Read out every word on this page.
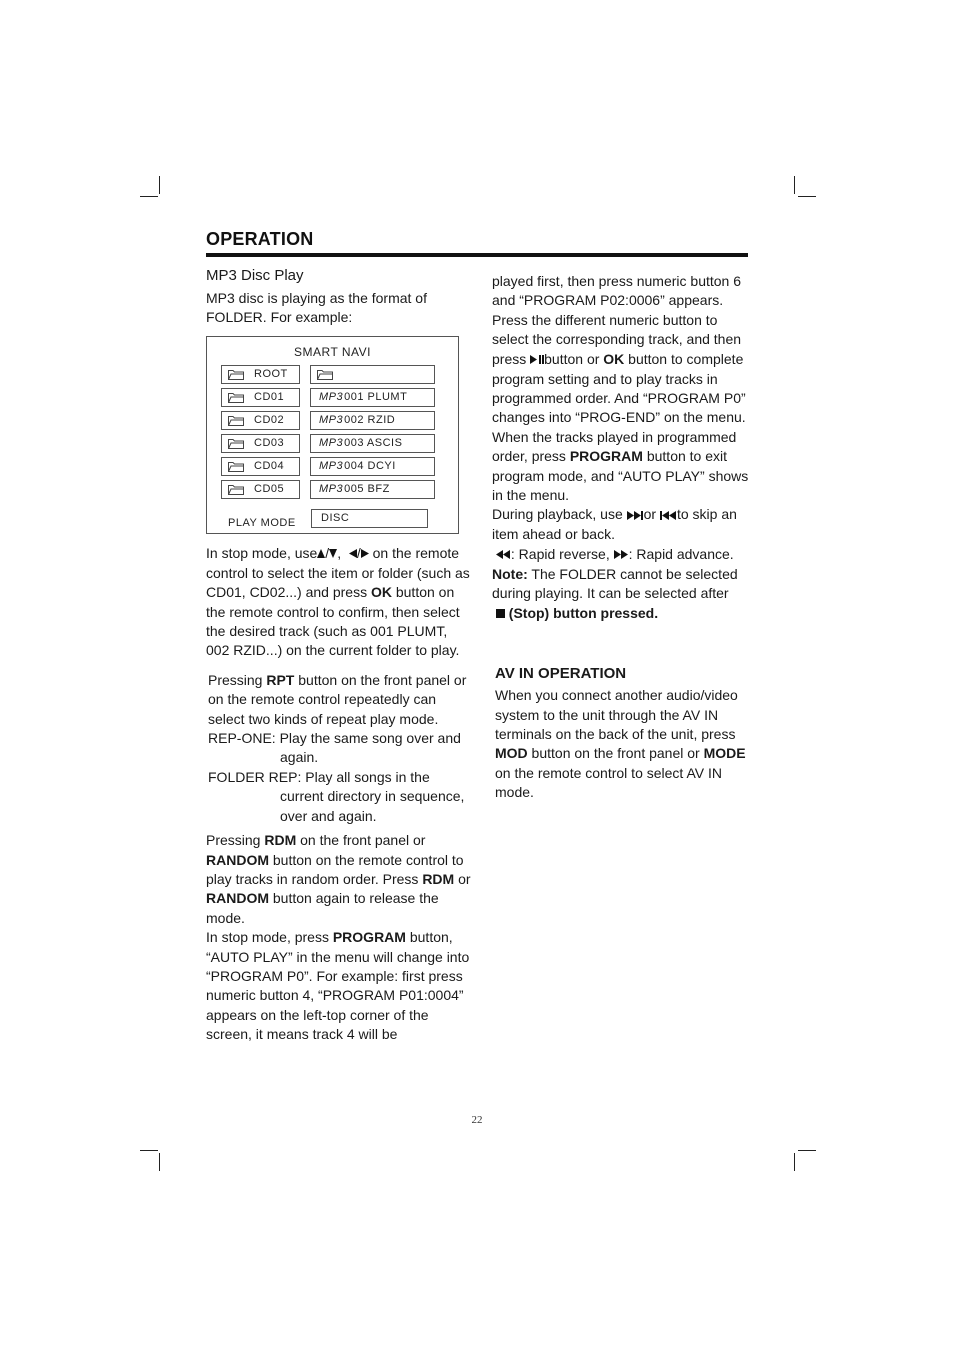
OPERATION

MP3 Disc Play

MP3 disc is playing as the format of FOLDER. For example:

SMART NAVI
ROOT
CD01	MP3 001 PLUMT
CD02	MP3 002 RZID
CD03	MP3 003 ASCIS
CD04	MP3 004 DCYI
CD05	MP3 005 BFZ
PLAY MODE DISC

In stop mode, use / , / on the remote control to select the item or folder (such as CD01, CD02...) and press OK button on the remote control to confirm, then select the desired track (such as 001 PLUMT, 002 RZID...) on the current folder to play.

Pressing RPT button on the front panel or on the remote control repeatedly can select two kinds of repeat play mode.

REP-ONE: Play the same song over and

again.

FOLDER REP: Play all songs in the

current directory in sequence,

over and again.

Pressing RDM on the front panel or RANDOM button on the remote control to play tracks in random order. Press RDM or RANDOM button again to release the mode.

In stop mode, press PROGRAM button, “AUTO PLAY” in the menu will change into “PROGRAM P0”. For example: first press numeric button 4, “PROGRAM P01:0004” appears on the left-top corner of the screen, it means track 4 will be

played first, then press numeric button 6 and “PROGRAM P02:0006” appears. Press the different numeric button to select the corresponding track, and then press button or OK button to complete program setting and to play tracks in programmed order. And “PROGRAM P0” changes into “PROG-END” on the menu.

When the tracks played in programmed order, press PROGRAM button to exit program mode, and “AUTO PLAY” shows in the menu.

During playback, use or to skip an item ahead or back.

: Rapid reverse, : Rapid advance.

Note: The FOLDER cannot be selected during playing. It can be selected after
(Stop) button pressed.

AV IN OPERATION

When you connect another audio/video system to the unit through the AV IN terminals on the back of the unit, press MOD button on the front panel or MODE on the remote control to select AV IN mode.

22
